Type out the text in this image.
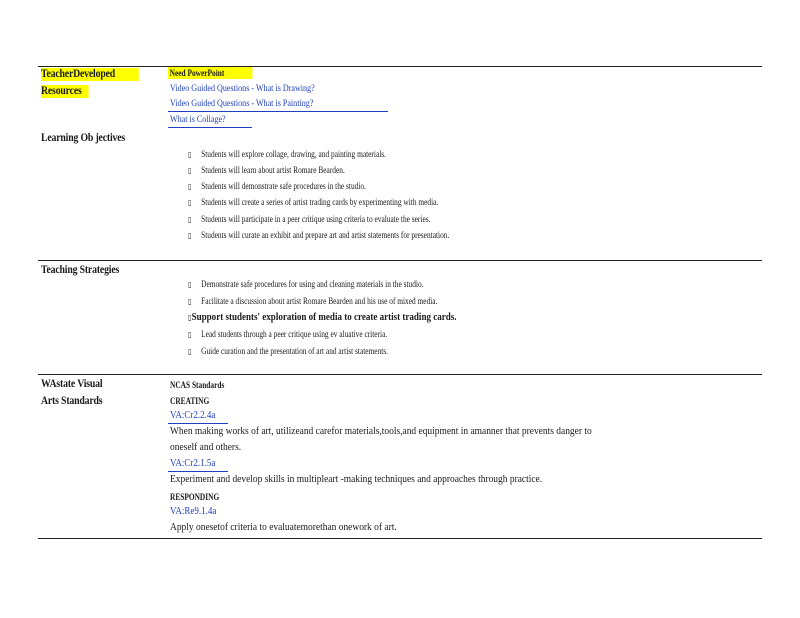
TeacherDeveloped
Resources
Need PowerPoint
Video Guided Questions - What is Drawing?
Video Guided Questions - What is Painting?
What is Collage?
Learning Ob jectives
▯ Students will explore collage, drawing, and painting materials.
▯ Students will learn about artist Romare Bearden.
▯ Students will demonstrate safe procedures in the studio.
▯ Students will create a series of artist trading cards by experimenting with media.
▯ Students will participate in a peer critique using criteria to evaluate the series.
▯ Students will curate an exhibit and prepare art and artist statements for presentation.
Teaching Strategies
▯ Demonstrate safe procedures for using and cleaning materials in the studio.
▯ Facilitate a discussion about artist Romare Bearden and his use of mixed media.
▯Support students' exploration of media to create artist trading cards.
▯ Lead students through a peer critique using ev aluative criteria.
▯ Guide curation and the presentation of art and artist statements.
WAstate Visual
Arts Standards
NCAS Standards
CREATING
VA:Cr2.2.4a
When making works of art, utilizeand carefor materials,tools,and equipment in amanner that prevents danger to
oneself and others.
VA:Cr2.1.5a
Experiment and develop skills in multipleart -making techniques and approaches through practice.
RESPONDING
VA:Re9.1.4a
Apply onesetof criteria to evaluatemorethan onework of art.
